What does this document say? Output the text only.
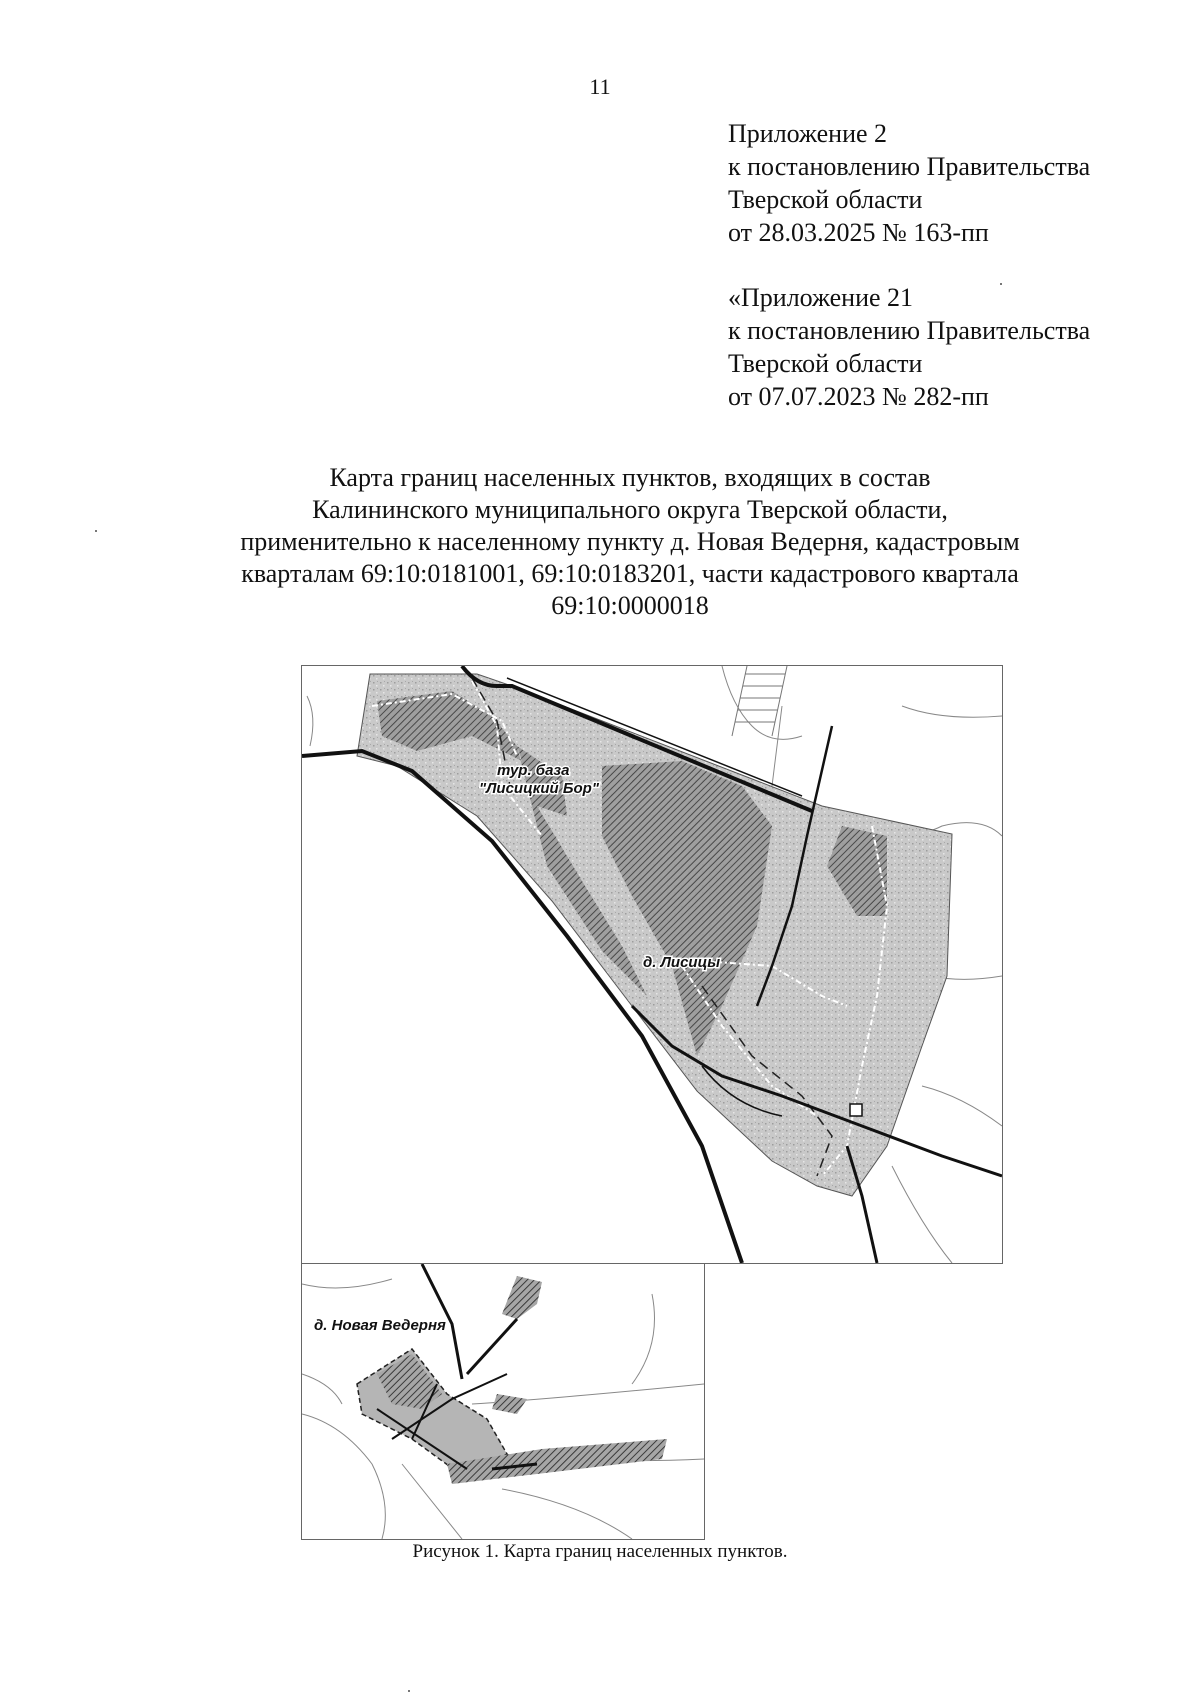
11
Приложение 2
к постановлению Правительства
Тверской области
от 28.03.2025 № 163-пп
«Приложение 21
к постановлению Правительства
Тверской области
от 07.07.2023 № 282-пп
Карта границ населенных пунктов, входящих в состав
Калининского муниципального округа Тверской области,
применительно к населенному пункту д. Новая Ведерня, кадастровым
кварталам 69:10:0181001, 69:10:0183201, части кадастрового квартала
69:10:0000018
тур. база
"Лисицкий Бор"
д. Лисицы
д. Новая Ведерня
Рисунок 1. Карта границ населенных пунктов.
